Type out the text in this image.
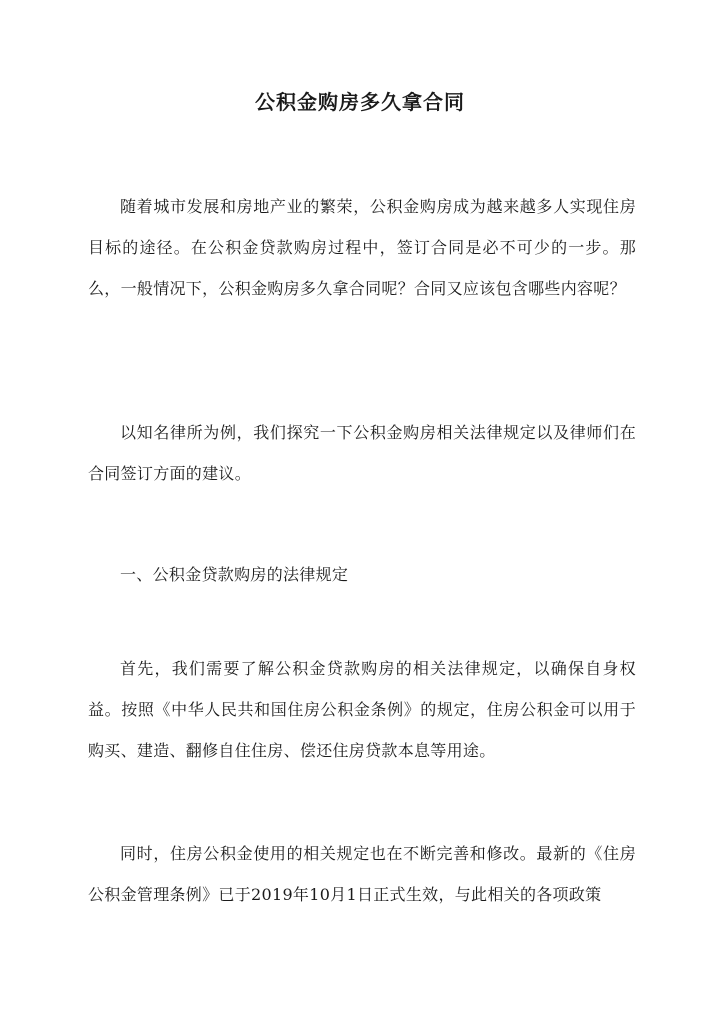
公积金购房多久拿合同

随着城市发展和房地产业的繁荣，公积金购房成为越来越多人实现住房目标的途径。在公积金贷款购房过程中，签订合同是必不可少的一步。那么，一般情况下，公积金购房多久拿合同呢？合同又应该包含哪些内容呢？

以知名律所为例，我们探究一下公积金购房相关法律规定以及律师们在合同签订方面的建议。

一、公积金贷款购房的法律规定

首先，我们需要了解公积金贷款购房的相关法律规定，以确保自身权益。按照《中华人民共和国住房公积金条例》的规定，住房公积金可以用于购买、建造、翻修自住住房、偿还住房贷款本息等用途。

同时，住房公积金使用的相关规定也在不断完善和修改。最新的《住房公积金管理条例》已于2019年10月1日正式生效，与此相关的各项政策
